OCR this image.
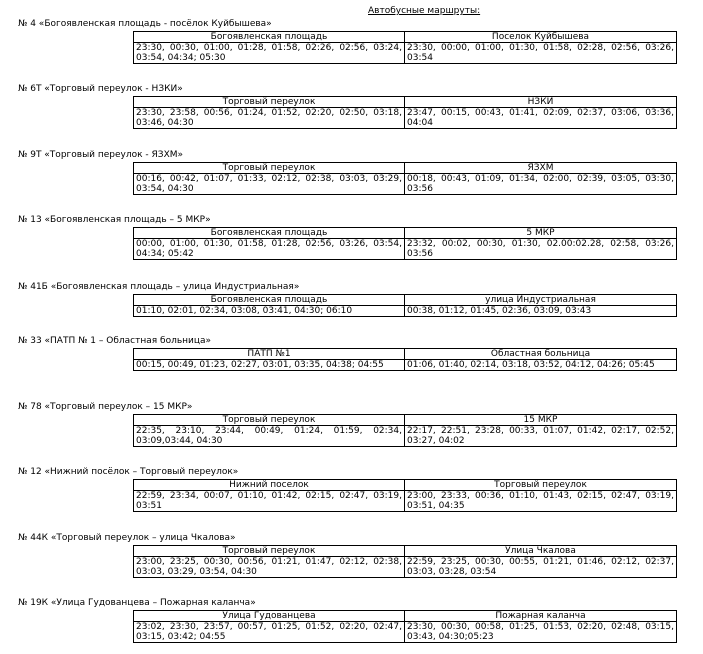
Автобусные маршруты:
№ 4 «Богоявленская площадь - посёлок Куйбышева»
Богоявленская площадь	Поселок Куйбышева
23:30, 00:30, 01:00, 01:28, 01:58, 02:26, 02:56, 03:24, 03:54, 04:34; 05:30	23:30, 00:00, 01:00, 01:30, 01:58, 02:28, 02:56, 03:26, 03:54
№ 6Т «Торговый переулок - НЗКИ»
Торговый переулок	НЗКИ
23:30, 23:58, 00:56, 01:24, 01:52, 02:20, 02:50, 03:18, 03:46, 04:30	23:47, 00:15, 00:43, 01:41, 02:09, 02:37, 03:06, 03:36, 04:04
№ 9Т «Торговый переулок - ЯЗХМ»
Торговый переулок	ЯЗХМ
00:16, 00:42, 01:07, 01:33, 02:12, 02:38, 03:03, 03:29, 03:54, 04:30	00:18, 00:43, 01:09, 01:34, 02:00, 02:39, 03:05, 03:30, 03:56
№ 13 «Богоявленская площадь – 5 МКР»
Богоявленская площадь	5 МКР
00:00, 01:00, 01:30, 01:58, 01:28, 02:56, 03:26, 03:54, 04:34; 05:42	23:32, 00:02, 00:30, 01:30, 02.00:02.28, 02:58, 03:26, 03:56
№ 41Б «Богоявленская площадь – улица Индустриальная»
Богоявленская площадь	улица Индустриальная
01:10, 02:01, 02:34, 03:08, 03:41, 04:30; 06:10	00:38, 01:12, 01:45, 02:36, 03:09, 03:43
№ 33 «ПАТП № 1 – Областная больница»
ПАТП №1	Областная больница
00:15, 00:49, 01:23, 02:27, 03:01, 03:35, 04:38; 04:55	01:06, 01:40, 02:14, 03:18, 03:52, 04:12, 04:26; 05:45
№ 78 «Торговый переулок – 15 МКР»
Торговый переулок	15 МКР
22:35, 23:10, 23:44, 00:49, 01:24, 01:59, 02:34, 03:09,03:44, 04:30	22:17, 22:51, 23:28, 00:33, 01:07, 01:42, 02:17, 02:52, 03:27, 04:02
№ 12 «Нижний посёлок – Торговый переулок»
Нижний поселок	Торговый переулок
22:59, 23:34, 00:07, 01:10, 01:42, 02:15, 02:47, 03:19, 03:51	23:00, 23:33, 00:36, 01:10, 01:43, 02:15, 02:47, 03:19, 03:51, 04:35
№ 44К «Торговый переулок – улица Чкалова»
Торговый переулок	Улица Чкалова
23:00, 23:25, 00:30, 00:56, 01:21, 01:47, 02:12, 02:38, 03:03, 03:29, 03:54, 04:30	22:59, 23:25, 00:30, 00:55, 01:21, 01:46, 02:12, 02:37, 03:03, 03:28, 03:54
№ 19К «Улица Гудованцева – Пожарная каланча»
Улица Гудованцева	Пожарная каланча
23:02, 23:30, 23:57, 00:57, 01:25, 01:52, 02:20, 02:47, 03:15, 03:42; 04:55	23:30, 00:30, 00:58, 01:25, 01:53, 02:20, 02:48, 03:15, 03:43, 04:30;05:23
